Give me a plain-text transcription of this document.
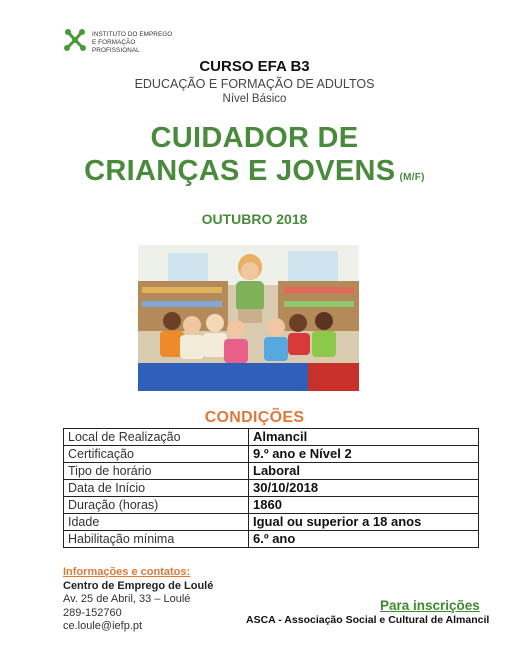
INSTITUTO DO EMPREGO
E FORMAÇÃO PROFISSIONAL
CURSO EFA B3
EDUCAÇÃO E FORMAÇÃO DE ADULTOS
Nível Básico
CUIDADOR DE
CRIANÇAS E JOVENS (M/F)
OUTUBRO 2018
CONDIÇÕES
Local de Realização	Almancil
Certificação	9.º ano e Nível 2
Tipo de horário	Laboral
Data de Início	30/10/2018
Duração (horas)	1860
Idade	Igual ou superior a 18 anos
Habilitação mínima	6.º ano
Informações e contatos:
Centro de Emprego de Loulé
Av. 25 de Abril, 33 – Loulé
289-152760
ce.loule@iefp.pt
Para inscrições
ASCA - Associação Social e Cultural de Almancil
